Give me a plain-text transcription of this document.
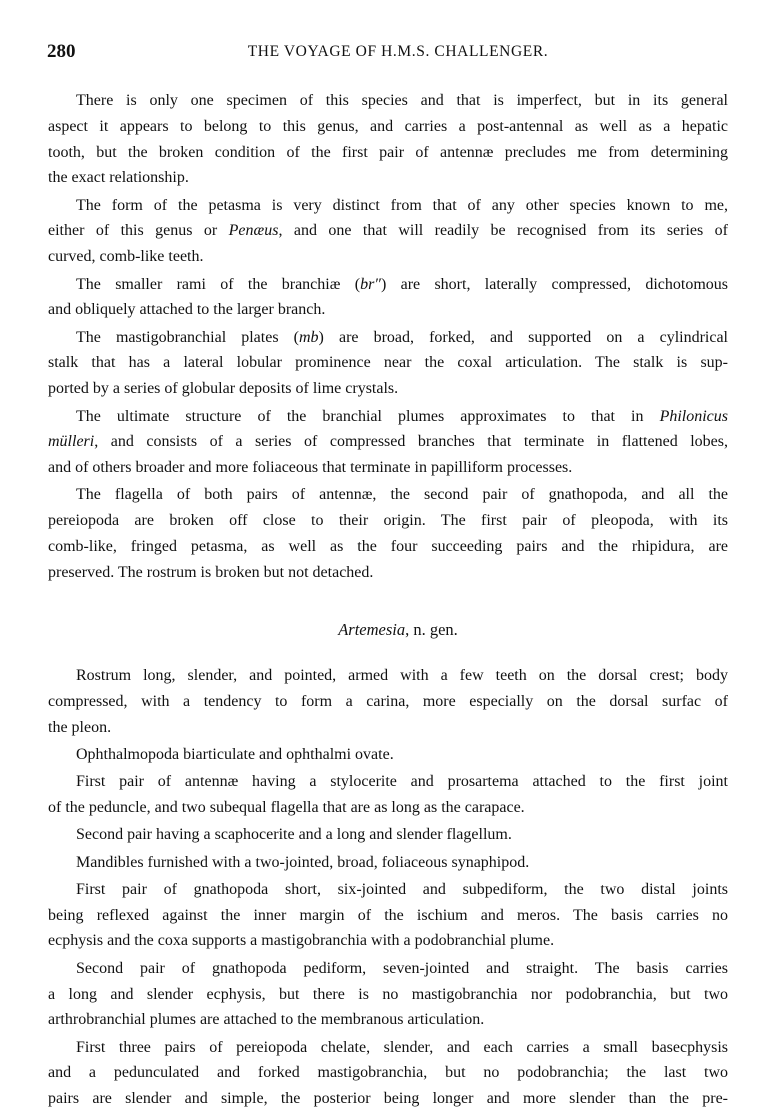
280	THE VOYAGE OF H.M.S. CHALLENGER.
There is only one specimen of this species and that is imperfect, but in its general
aspect it appears to belong to this genus, and carries a post-antennal as well as a hepatic
tooth, but the broken condition of the first pair of antennæ precludes me from determining
the exact relationship.
The form of the petasma is very distinct from that of any other species known to me,
either of this genus or Penæus, and one that will readily be recognised from its series of
curved, comb-like teeth.
The smaller rami of the branchiæ (br″) are short, laterally compressed, dichotomous
and obliquely attached to the larger branch.
The mastigobranchial plates (mb) are broad, forked, and supported on a cylindrical
stalk that has a lateral lobular prominence near the coxal articulation. The stalk is sup-
ported by a series of globular deposits of lime crystals.
The ultimate structure of the branchial plumes approximates to that in Philonicus
mülleri, and consists of a series of compressed branches that terminate in flattened lobes,
and of others broader and more foliaceous that terminate in papilliform processes.
The flagella of both pairs of antennæ, the second pair of gnathopoda, and all the
pereiopoda are broken off close to their origin. The first pair of pleopoda, with its
comb-like, fringed petasma, as well as the four succeeding pairs and the rhipidura, are
preserved. The rostrum is broken but not detached.
Artemesia, n. gen.
Rostrum long, slender, and pointed, armed with a few teeth on the dorsal crest; body
compressed, with a tendency to form a carina, more especially on the dorsal surfac of
the pleon.
Ophthalmopoda biarticulate and ophthalmi ovate.
First pair of antennæ having a stylocerite and prosartema attached to the first joint
of the peduncle, and two subequal flagella that are as long as the carapace.
Second pair having a scaphocerite and a long and slender flagellum.
Mandibles furnished with a two-jointed, broad, foliaceous synaphipod.
First pair of gnathopoda short, six-jointed and subpediform, the two distal joints
being reflexed against the inner margin of the ischium and meros. The basis carries no
ecphysis and the coxa supports a mastigobranchia with a podobranchial plume.
Second pair of gnathopoda pediform, seven-jointed and straight. The basis carries
a long and slender ecphysis, but there is no mastigobranchia nor podobranchia, but two
arthrobranchial plumes are attached to the membranous articulation.
First three pairs of pereiopoda chelate, slender, and each carries a small basecphysis
and a pedunculated and forked mastigobranchia, but no podobranchia; the last two
pairs are slender and simple, the posterior being longer and more slender than the pre-
